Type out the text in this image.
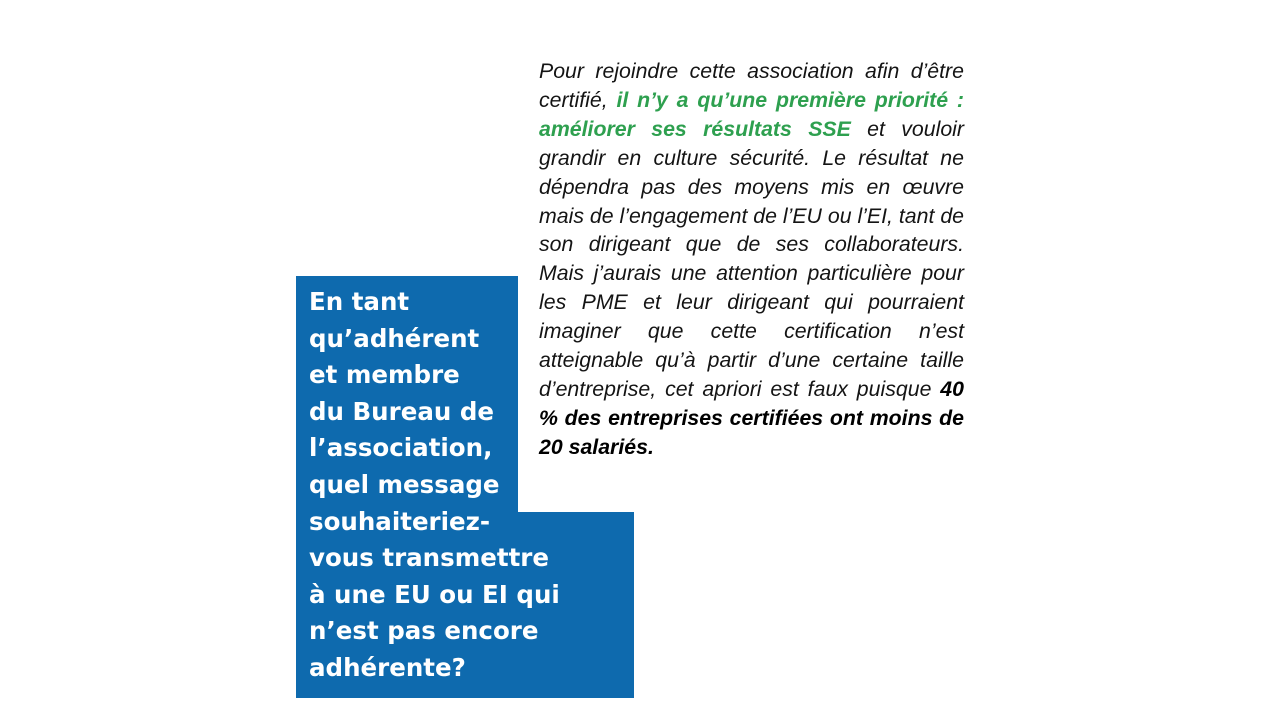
En tant
qu’adhérent
et membre
du Bureau de
l’association,
quel message
souhaiteriez-
vous transmettre
à une EU ou EI qui
n’est pas encore
adhérente?

Pour rejoindre cette association afin d’être certifié, il n’y a qu’une première priorité : améliorer ses résultats SSE et vouloir grandir en culture sécurité. Le résultat ne dépendra pas des moyens mis en œuvre mais de l’engagement de l’EU ou l’EI, tant de son dirigeant que de ses collaborateurs. Mais j’aurais une attention particulière pour les PME et leur dirigeant qui pourraient imaginer que cette certification n’est atteignable qu’à partir d’une certaine taille d’entreprise, cet apriori est faux puisque 40 % des entreprises certifiées ont moins de 20 salariés.
